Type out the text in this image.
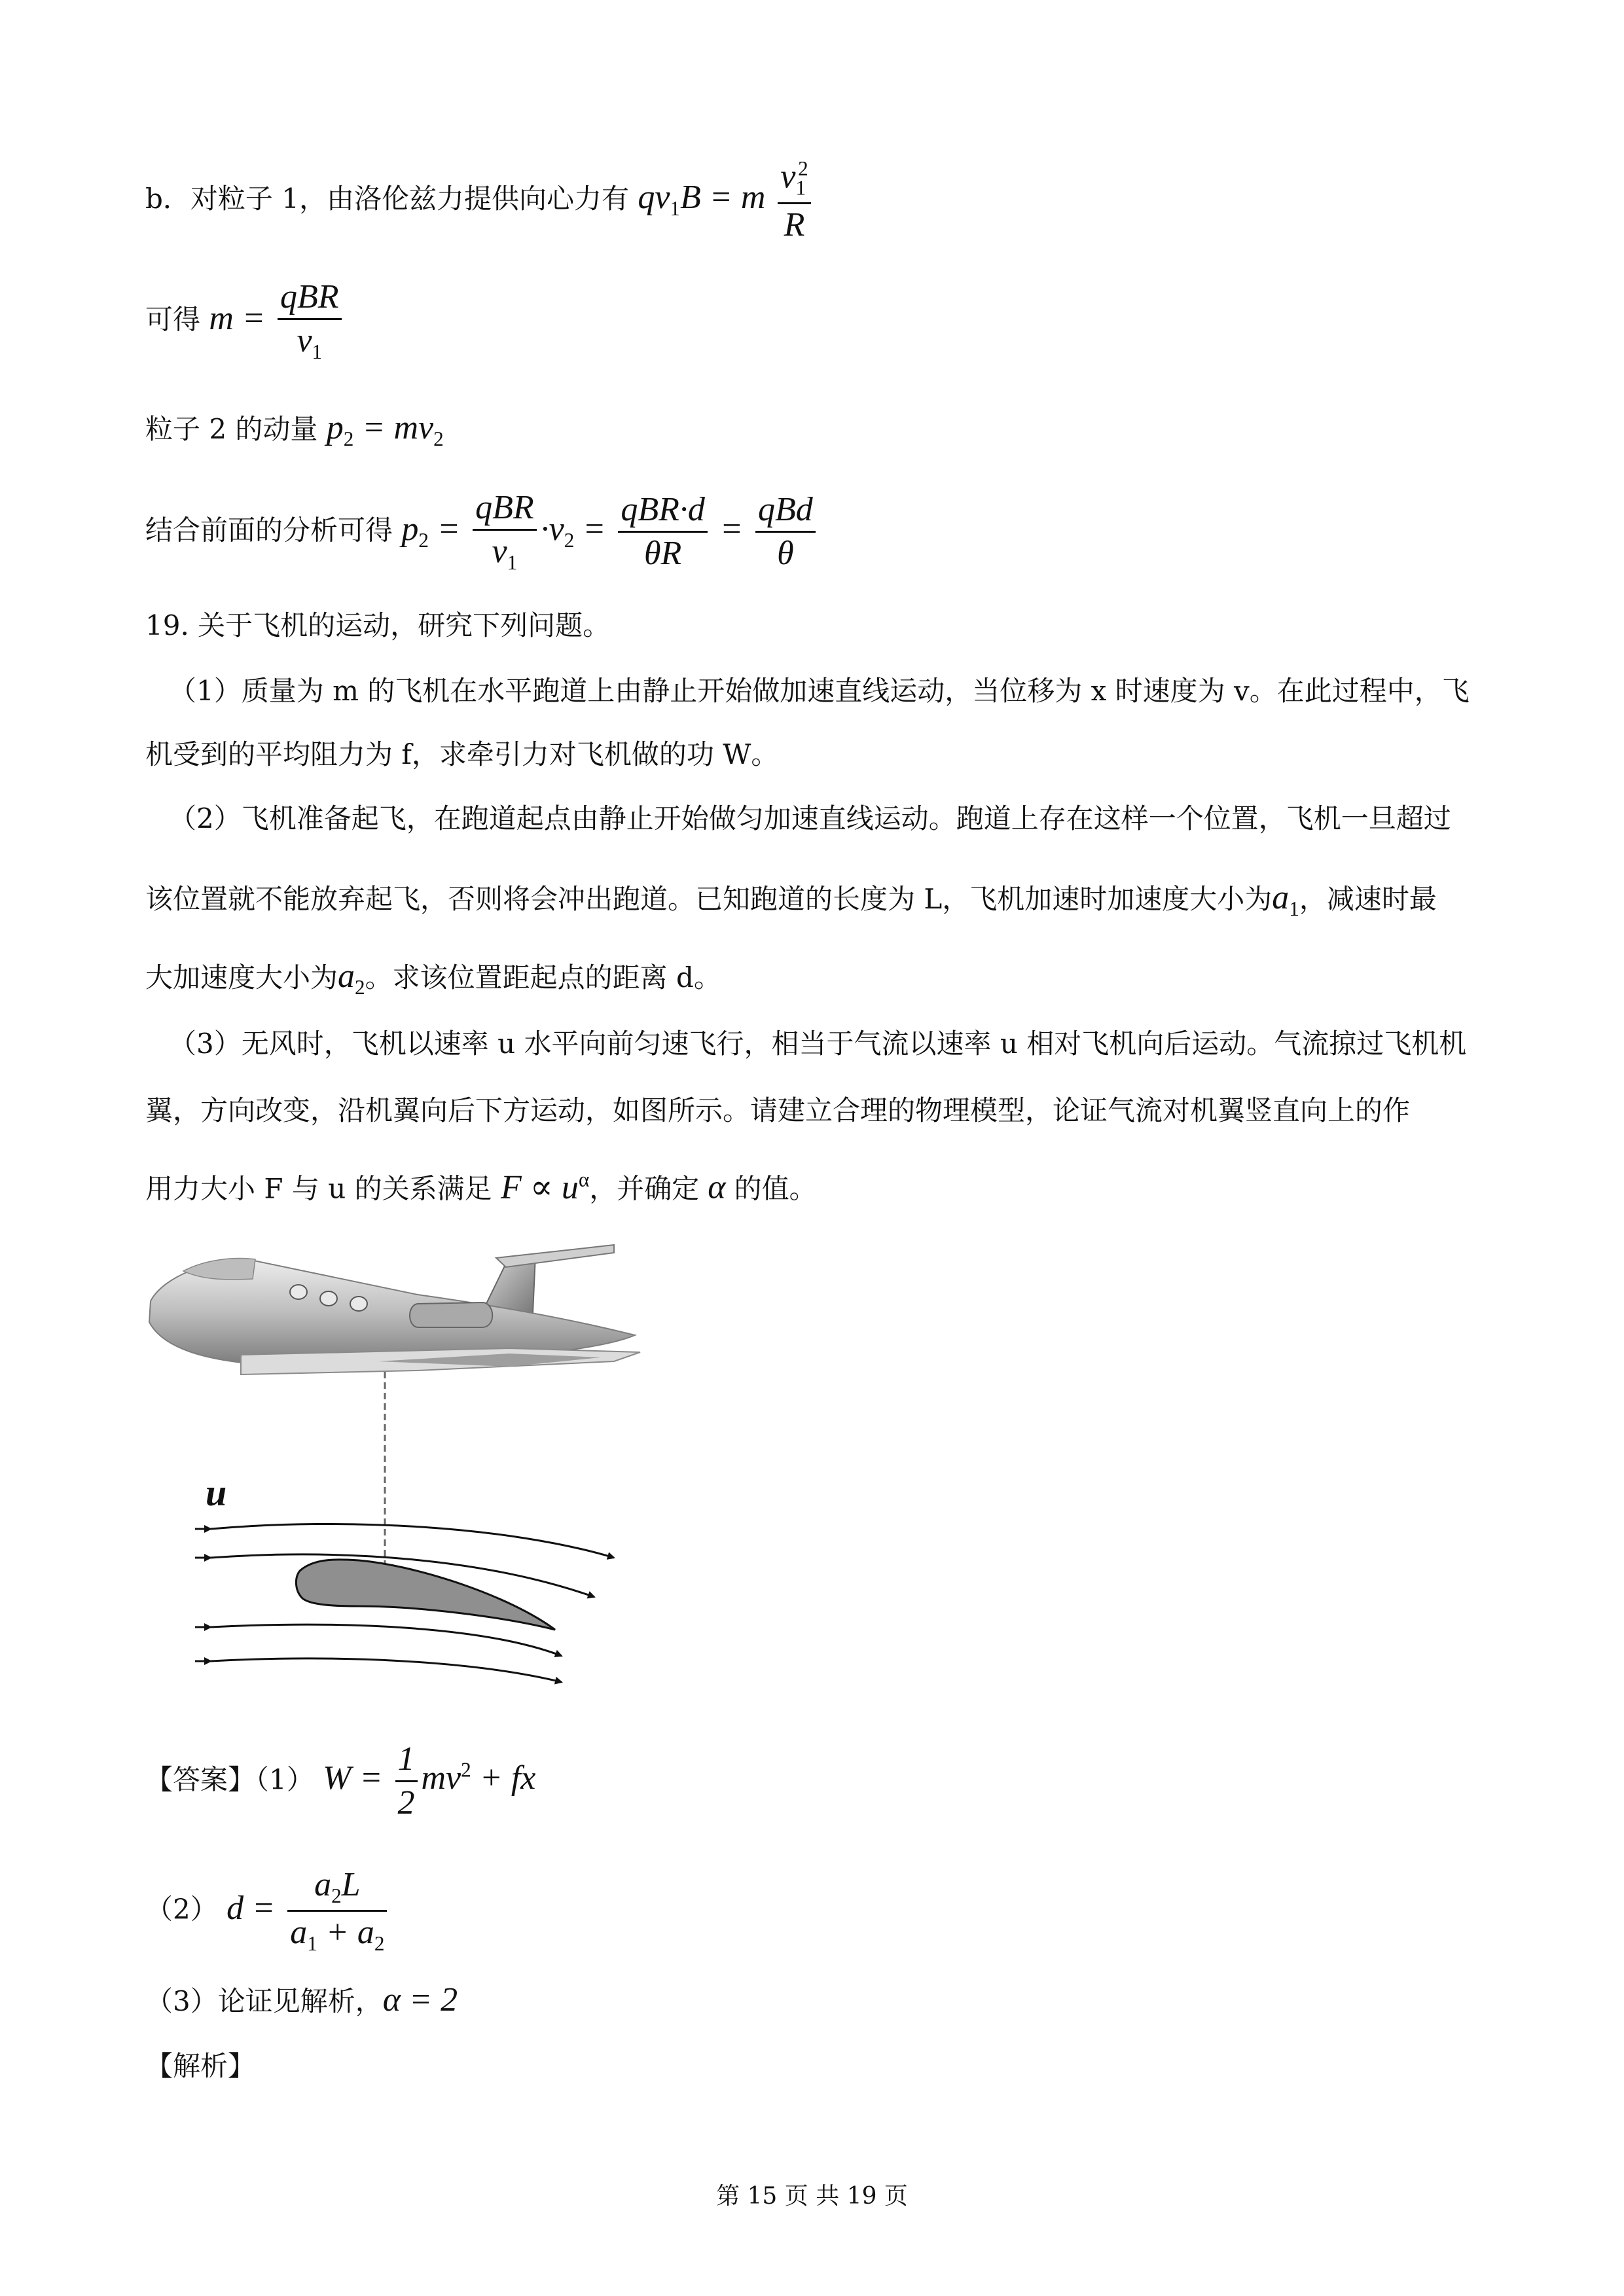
b．对粒子 1，由洛伦兹力提供向心力有 $qv_1B = m \frac{v_1^2}{R}$
可得 $m = \frac{\text{qBR}}{v_1}$
粒子 2 的动量 $p_2 = mv_2$
结合前面的分析可得 $p_2 = \frac{\text{qBR}}{v_1} \cdot v_2 = \frac{\text{qBR·d}}{\theta R} = \frac{\text{qBd}}{\theta}$
19. 关于飞机的运动，研究下列问题。
（1）质量为 m 的飞机在水平跑道上由静止开始做加速直线运动，当位移为 x 时速度为 v。在此过程中，飞
机受到的平均阻力为 f，求牵引力对飞机做的功 W。
（2）飞机准备起飞，在跑道起点由静止开始做匀加速直线运动。跑道上存在这样一个位置，飞机一旦超过
该位置就不能放弃起飞，否则将会冲出跑道。已知跑道的长度为 L，飞机加速时加速度大小为$a_1$，减速时最
大加速度大小为$a_2$。求该位置距起点的距离 d。
（3）无风时，飞机以速率 u 水平向前匀速飞行，相当于气流以速率 u 相对飞机向后运动。气流掠过飞机机
翼，方向改变，沿机翼向后下方运动，如图所示。请建立合理的物理模型，论证气流对机翼竖直向上的作
用力大小 F 与 u 的关系满足 $F \propto u^\alpha$，并确定 α 的值。
u
【答案】（1） $W = \frac{1}{2} mv^2$ + fx
（2） $d = \frac{a_2L}{a_1 + a_2}$
（3）论证见解析，α = 2
【解析】
第 15 页 共 19 页
